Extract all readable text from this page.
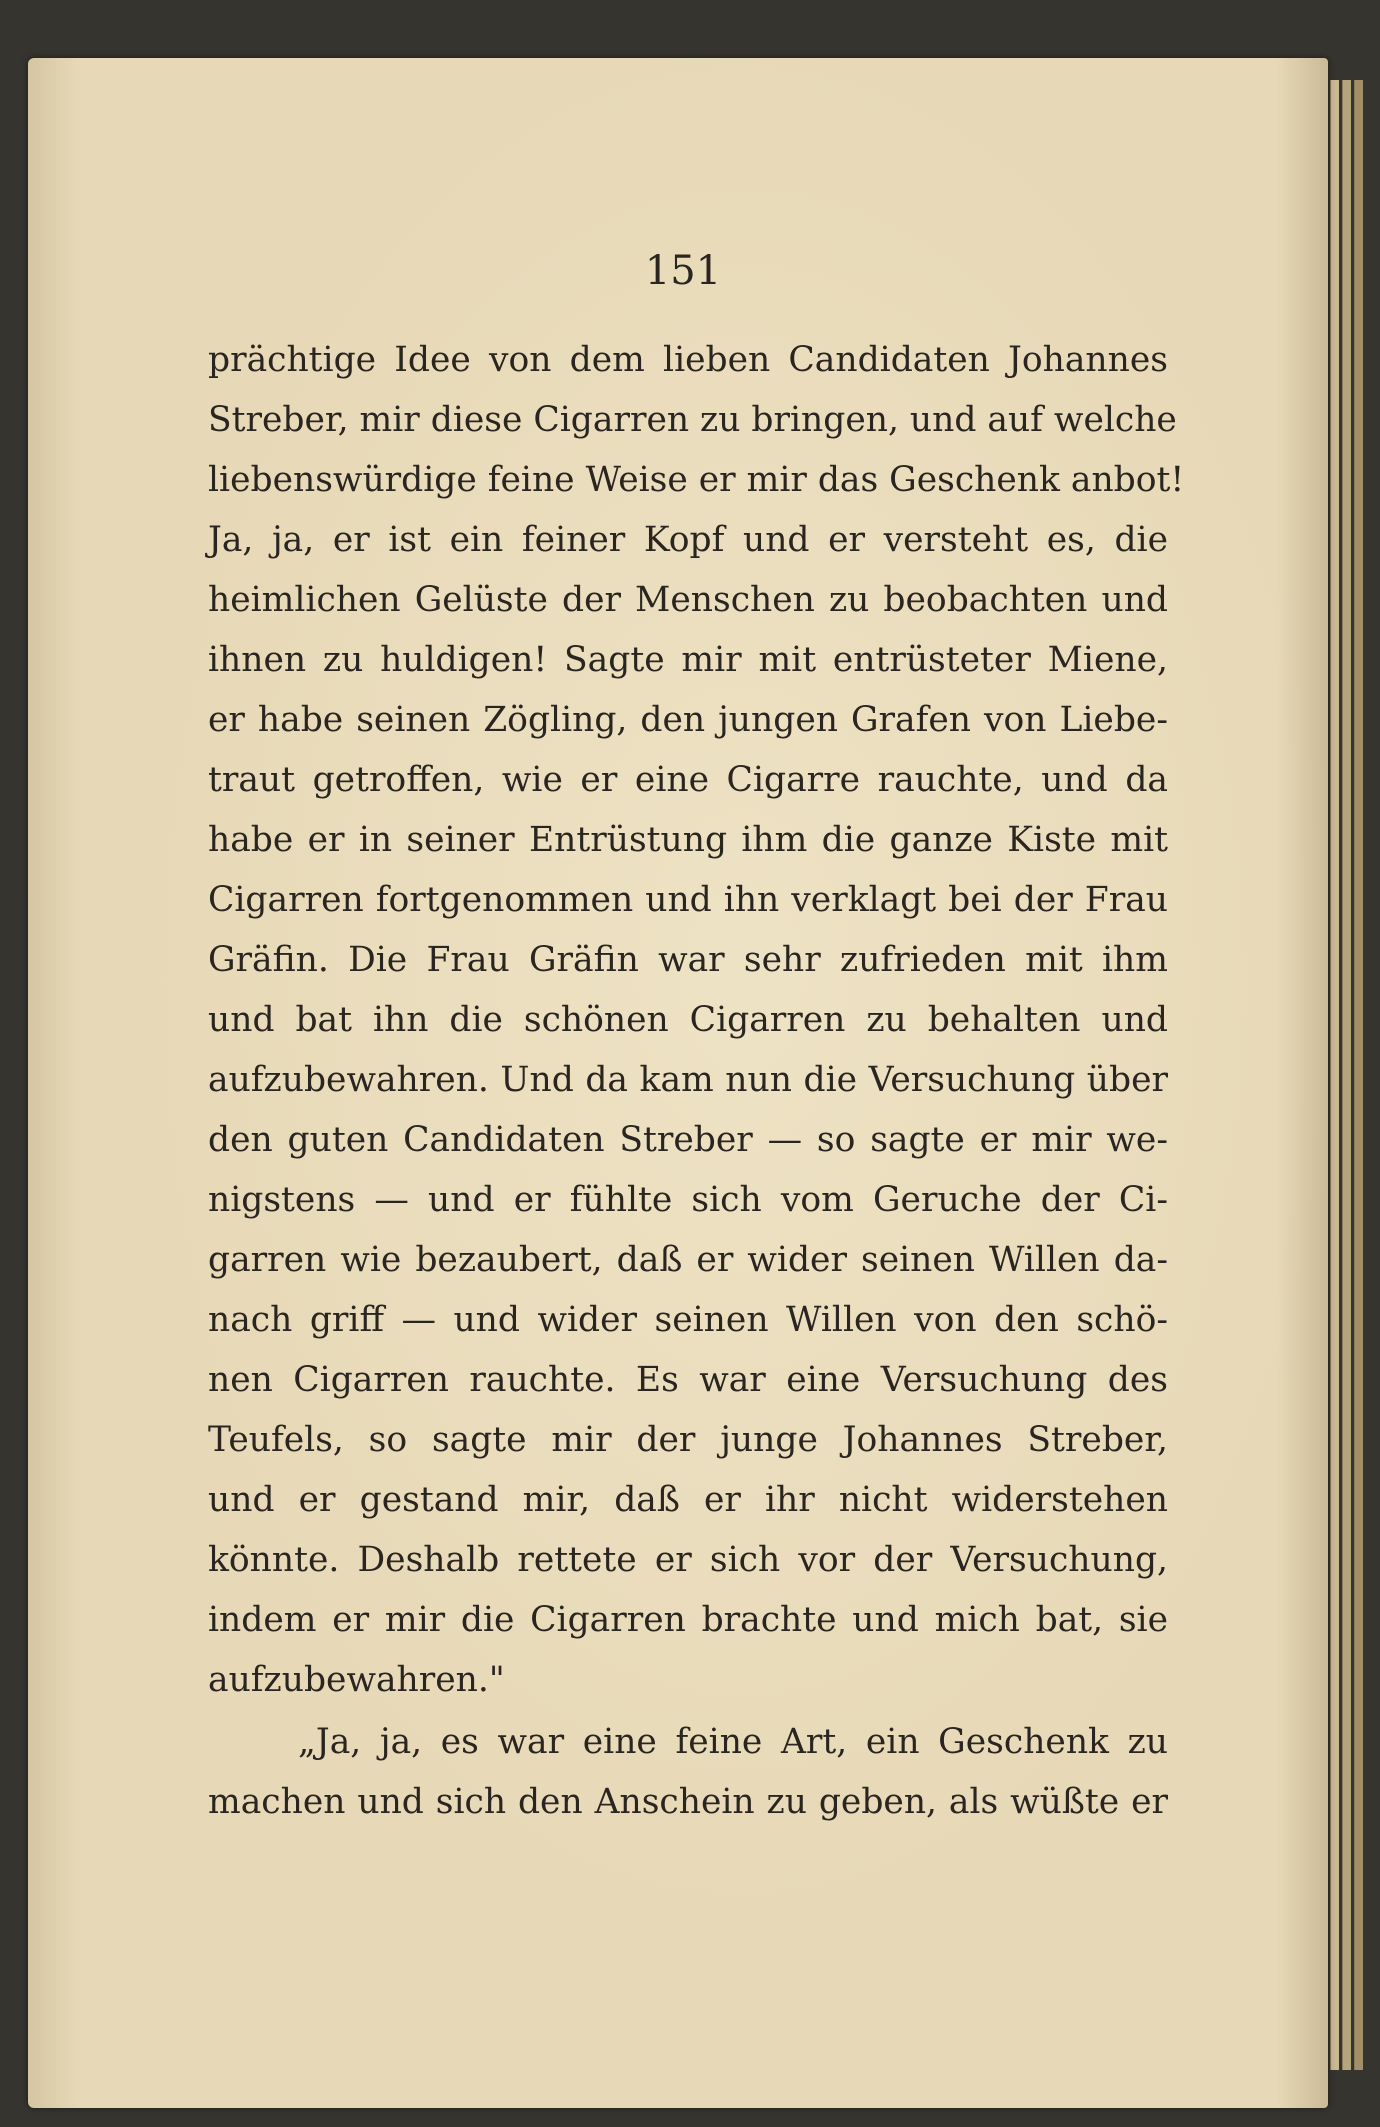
151
prächtige Idee von dem lieben Candidaten Johannes
Streber, mir diese Cigarren zu bringen, und auf welche
liebenswürdige feine Weise er mir das Geschenk anbot!
Ja, ja, er ist ein feiner Kopf und er versteht es, die
heimlichen Gelüste der Menschen zu beobachten und
ihnen zu huldigen! Sagte mir mit entrüsteter Miene,
er habe seinen Zögling, den jungen Grafen von Liebe-
traut getroffen, wie er eine Cigarre rauchte, und da
habe er in seiner Entrüstung ihm die ganze Kiste mit
Cigarren fortgenommen und ihn verklagt bei der Frau
Gräfin. Die Frau Gräfin war sehr zufrieden mit ihm
und bat ihn die schönen Cigarren zu behalten und
aufzubewahren. Und da kam nun die Versuchung über
den guten Candidaten Streber — so sagte er mir we-
nigstens — und er fühlte sich vom Geruche der Ci-
garren wie bezaubert, daß er wider seinen Willen da-
nach griff — und wider seinen Willen von den schö-
nen Cigarren rauchte. Es war eine Versuchung des
Teufels, so sagte mir der junge Johannes Streber,
und er gestand mir, daß er ihr nicht widerstehen
könnte. Deshalb rettete er sich vor der Versuchung,
indem er mir die Cigarren brachte und mich bat, sie
aufzubewahren."
„Ja, ja, es war eine feine Art, ein Geschenk zu
machen und sich den Anschein zu geben, als wüßte er
